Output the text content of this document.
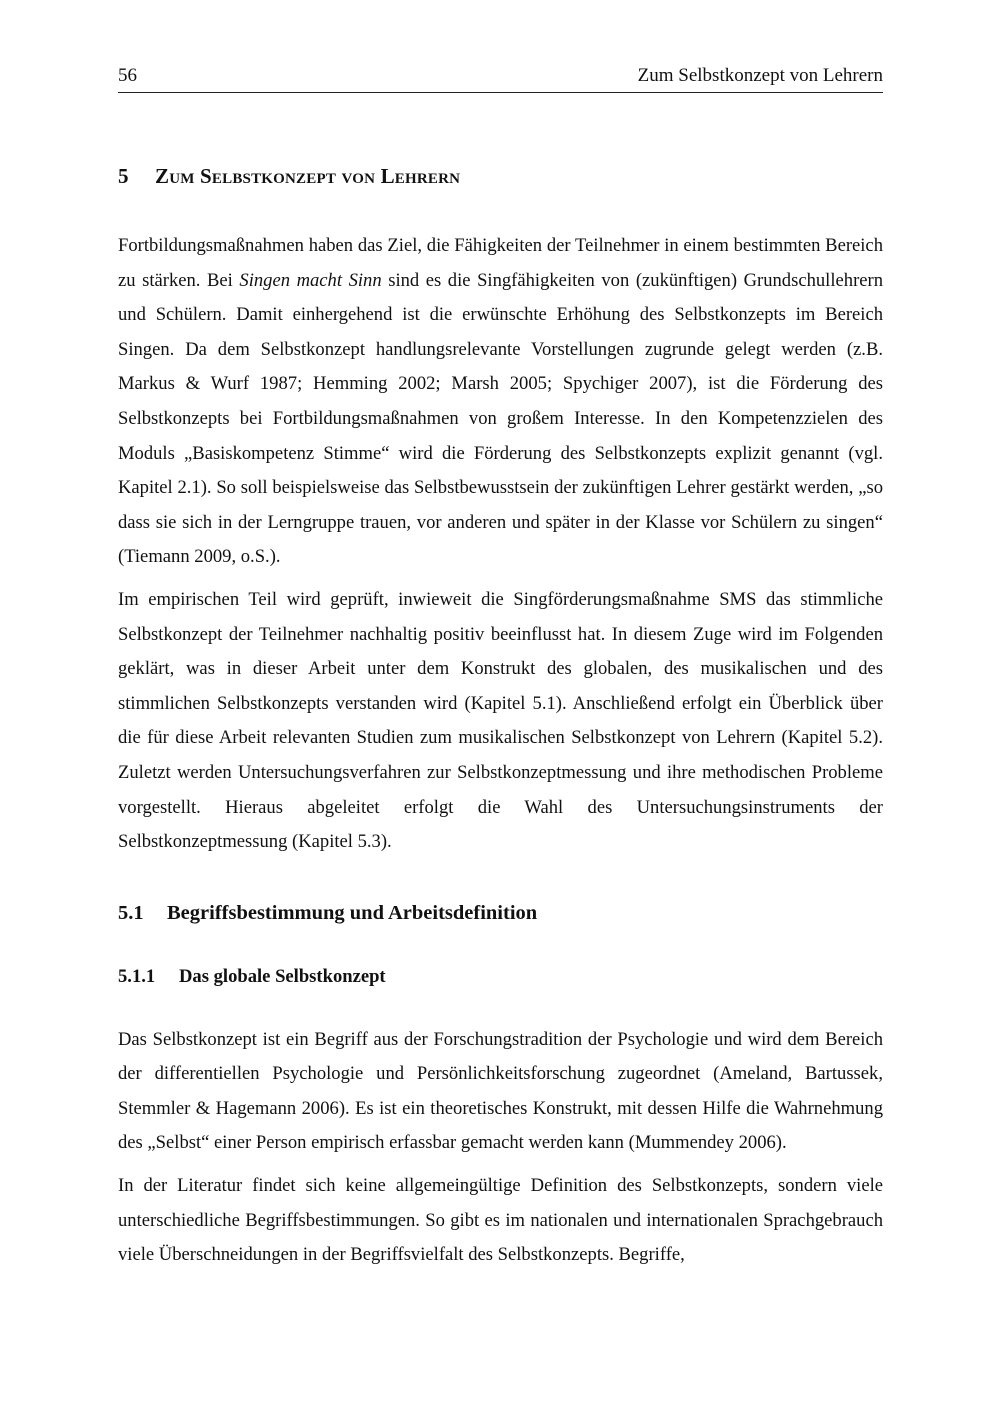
56	Zum Selbstkonzept von Lehrern
5	Zum Selbstkonzept von Lehrern

Fortbildungsmaßnahmen haben das Ziel, die Fähigkeiten der Teilnehmer in einem bestimmten Bereich zu stärken. Bei Singen macht Sinn sind es die Singfähigkeiten von (zukünftigen) Grundschullehrern und Schülern. Damit einhergehend ist die erwünschte Erhöhung des Selbstkonzepts im Bereich Singen. Da dem Selbstkonzept handlungsrelevante Vorstellungen zugrunde gelegt werden (z.B. Markus & Wurf 1987; Hemming 2002; Marsh 2005; Spychiger 2007), ist die Förderung des Selbstkonzepts bei Fortbildungsmaßnahmen von großem Interesse. In den Kompetenzzielen des Moduls „Basiskompetenz Stimme“ wird die Förderung des Selbstkonzepts explizit genannt (vgl. Kapitel 2.1). So soll beispielsweise das Selbstbewusstsein der zukünftigen Lehrer gestärkt werden, „so dass sie sich in der Lerngruppe trauen, vor anderen und später in der Klasse vor Schülern zu singen“ (Tiemann 2009, o.S.).

Im empirischen Teil wird geprüft, inwieweit die Singförderungsmaßnahme SMS das stimmliche Selbstkonzept der Teilnehmer nachhaltig positiv beeinflusst hat. In diesem Zuge wird im Folgenden geklärt, was in dieser Arbeit unter dem Konstrukt des globalen, des musikalischen und des stimmlichen Selbstkonzepts verstanden wird (Kapitel 5.1). Anschließend erfolgt ein Überblick über die für diese Arbeit relevanten Studien zum musikalischen Selbstkonzept von Lehrern (Kapitel 5.2). Zuletzt werden Untersuchungsverfahren zur Selbstkonzeptmessung und ihre methodischen Probleme vorgestellt. Hieraus abgeleitet erfolgt die Wahl des Untersuchungsinstruments der Selbstkonzeptmessung (Kapitel 5.3).

5.1	Begriffsbestimmung und Arbeitsdefinition
5.1.1	Das globale Selbstkonzept

Das Selbstkonzept ist ein Begriff aus der Forschungstradition der Psychologie und wird dem Bereich der differentiellen Psychologie und Persönlichkeitsforschung zugeordnet (Ameland, Bartussek, Stemmler & Hagemann 2006). Es ist ein theoretisches Konstrukt, mit dessen Hilfe die Wahrnehmung des „Selbst“ einer Person empirisch erfassbar gemacht werden kann (Mummendey 2006).

In der Literatur findet sich keine allgemeingültige Definition des Selbstkonzepts, sondern viele unterschiedliche Begriffsbestimmungen. So gibt es im nationalen und internationalen Sprachgebrauch viele Überschneidungen in der Begriffsvielfalt des Selbstkonzepts. Begriffe,
